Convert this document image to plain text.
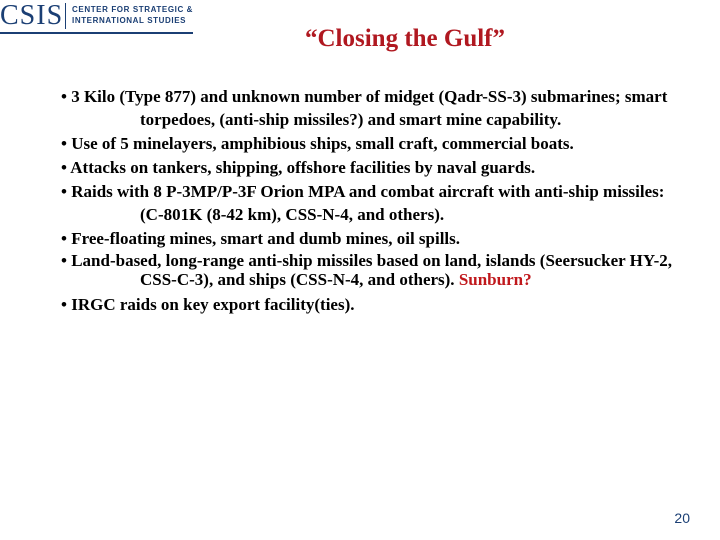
CSIS CENTER FOR STRATEGIC &
INTERNATIONAL STUDIES
“Closing the Gulf”

• 3 Kilo (Type 877) and unknown number of midget (Qadr-SS-3) submarines; smart torpedoes, (anti-ship missiles?) and smart mine capability.

• Use of 5 minelayers, amphibious ships, small craft, commercial boats.

• Attacks on tankers, shipping, offshore facilities by naval guards.

• Raids with 8 P-3MP/P-3F Orion MPA and combat aircraft with anti-ship missiles:(C-801K (8-42 km), CSS-N-4, and others).

• Free-floating mines, smart and dumb mines, oil spills.

• Land-based, long-range anti-ship missiles based on land, islands (Seersucker HY-2, CSS-C-3), and ships (CSS-N-4, and others). Sunburn?

• IRGC raids on key export facility(ties).

20
